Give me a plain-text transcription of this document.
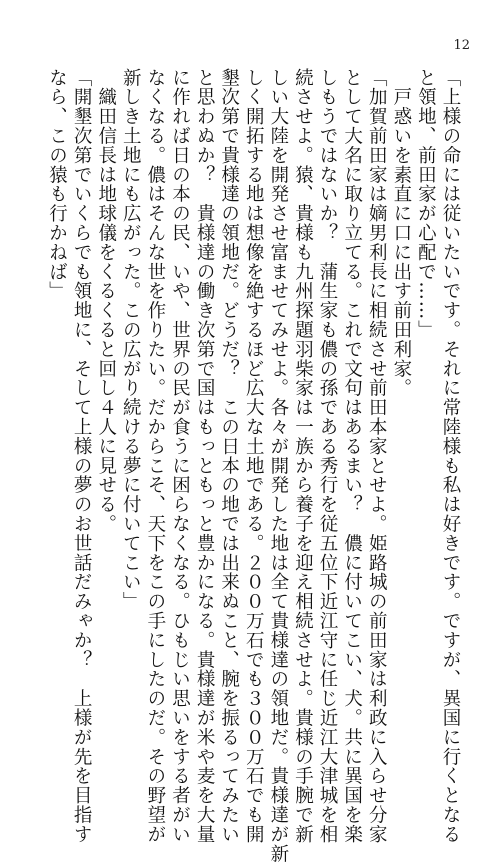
12
「上様の命には従いたいです。それに常陸様も私は好きです。ですが、異国に行くとなる
と領地、前田家が心配で……」
　戸惑いを素直に口に出す前田利家。
「加賀前田家は嫡男利長に相続させ前田本家とせよ。姫路城の前田家は利政に入らせ分家
として大名に取り立てる。これで文句はあるまい？　儂に付いてこい、犬。共に異国を楽
しもうではないか？　蒲生家も儂の孫である秀行を従五位下近江守に任じ近江大津城を相
続させよ。猿、貴様も九州探題羽柴家は一族から養子を迎え相続させよ。貴様の手腕で新
しい大陸を開発させ富ませてみせよ。各々が開発した地は全て貴様達の領地だ。貴様達が新
しく開拓する地は想像を絶するほど広大な土地である。２００万石でも３００万石でも開
墾次第で貴様達の領地だ。どうだ？　この日本の地では出来ぬこと、腕を振るってみたい
と思わぬか？　貴様達の働き次第で国はもっともっと豊かになる。貴様達が米や麦を大量
に作れば日の本の民、いや、世界の民が食うに困らなくなる。ひもじい思いをする者がい
なくなる。儂はそんな世を作りたい。だからこそ、天下をこの手にしたのだ。その野望が
新しき土地にも広がった。この広がり続ける夢に付いてこい」
　織田信長は地球儀をくるくると回し４人に見せる。
「開墾次第でいくらでも領地に、そして上様の夢のお世話だみゃか？　上様が先を目指す
なら、この猿も行かねば」
